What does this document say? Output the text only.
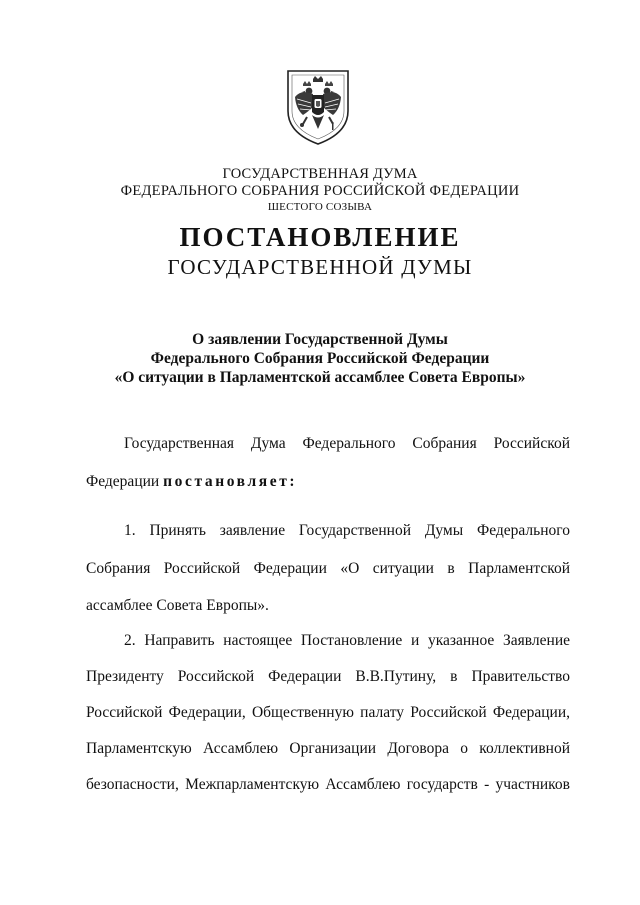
ГОСУДАРСТВЕННАЯ ДУМА
ФЕДЕРАЛЬНОГО СОБРАНИЯ РОССИЙСКОЙ ФЕДЕРАЦИИ
ШЕСТОГО СОЗЫВА
ПОСТАНОВЛЕНИЕ
ГОСУДАРСТВЕННОЙ ДУМЫ
О заявлении Государственной Думы
Федерального Собрания Российской Федерации
«О ситуации в Парламентской ассамблее Совета Европы»
Государственная Дума Федерального Собрания Российской
Федерации постановляет:
1. Принять заявление Государственной Думы Федерального
Собрания Российской Федерации «О ситуации в Парламентской
ассамблее Совета Европы».
2. Направить настоящее Постановление и указанное Заявление
Президенту Российской Федерации В.В.Путину, в Правительство
Российской Федерации, Общественную палату Российской Федерации,
Парламентскую Ассамблею Организации Договора о коллективной
безопасности, Межпарламентскую Ассамблею государств - участников
